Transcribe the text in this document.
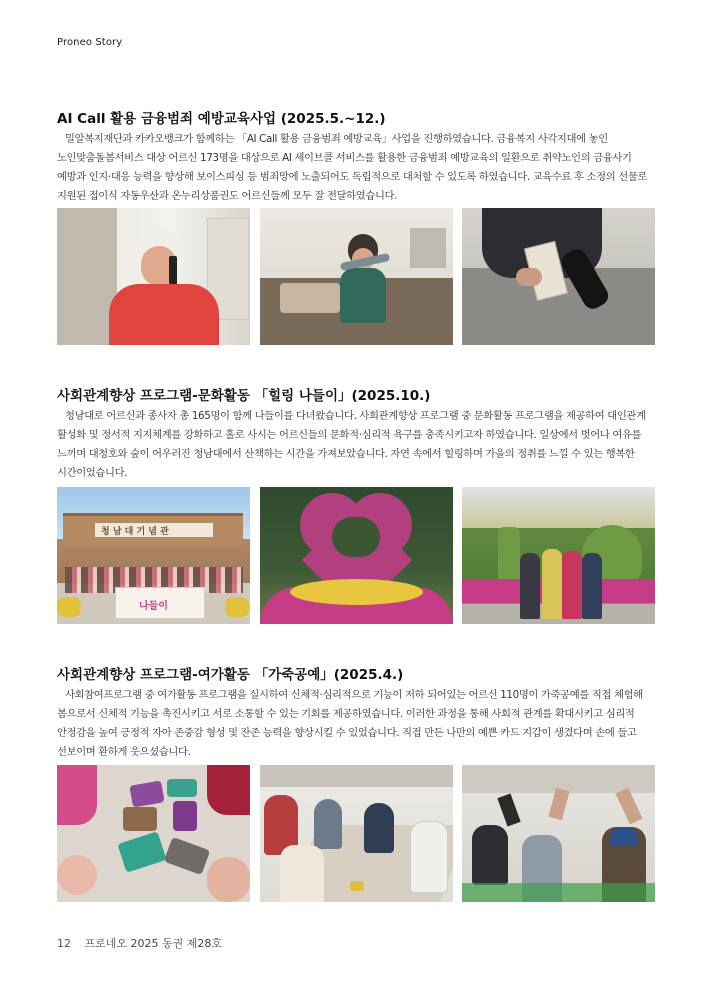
Proneo Story
AI Call 활용 금융범죄 예방교육사업 (2025.5.~12.)

밀알복지재단과 카카오뱅크가 함께하는 「AI Call 활용 금융범죄 예방교육」사업을 진행하였습니다. 금융복지 사각지대에 놓인 노인맞춤돌봄서비스 대상 어르신 173명을 대상으로 AI 세이브콜 서비스를 활용한 금융범죄 예방교육의 일환으로 취약노인의 금융사기 예방과 인지·대응 능력을 향상해 보이스피싱 등 범죄망에 노출되어도 독립적으로 대처할 수 있도록 하였습니다. 교육수료 후 소정의 선물로 지원된 접이식 자동우산과 온누리상품권도 어르신들께 모두 잘 전달하였습니다.

사회관계향상 프로그램-문화활동 「힐링 나들이」(2025.10.)

청남대로 어르신과 종사자 총 165명이 함께 나들이를 다녀왔습니다. 사회관계향상 프로그램 중 문화활동 프로그램을 제공하여 대인관계 활성화 및 정서적 지지체계를 강화하고 홀로 사시는 어르신들의 문화적·심리적 욕구를 충족시키고자 하였습니다. 일상에서 벗어나 여유를 느끼며 대청호와 숲이 어우러진 청남대에서 산책하는 시간을 가져보았습니다. 자연 속에서 힐링하며 가을의 정취를 느낄 수 있는 행복한 시간이었습니다.

청 남 대 기 념 관
나들이
사회관계향상 프로그램-여가활동 「가죽공예」(2025.4.)

사회참여프로그램 중 여가활동 프로그램을 실시하여 신체적·심리적으로 기능이 저하 되어있는 어르신 110명이 가죽공예를 직접 체험해 봄으로서 신체적 기능을 촉진시키고 서로 소통할 수 있는 기회를 제공하였습니다. 이러한 과정을 통해 사회적 관계를 확대시키고 심리적 안정감을 높여 긍정적 자아 존중감 형성 및 잔존 능력을 향상시킬 수 있었습니다. 직접 만든 나만의 예쁜 카드 지갑이 생겼다며 손에 들고 선보이며 환하게 웃으셨습니다.

12 프로네오 2025 동권 제28호
